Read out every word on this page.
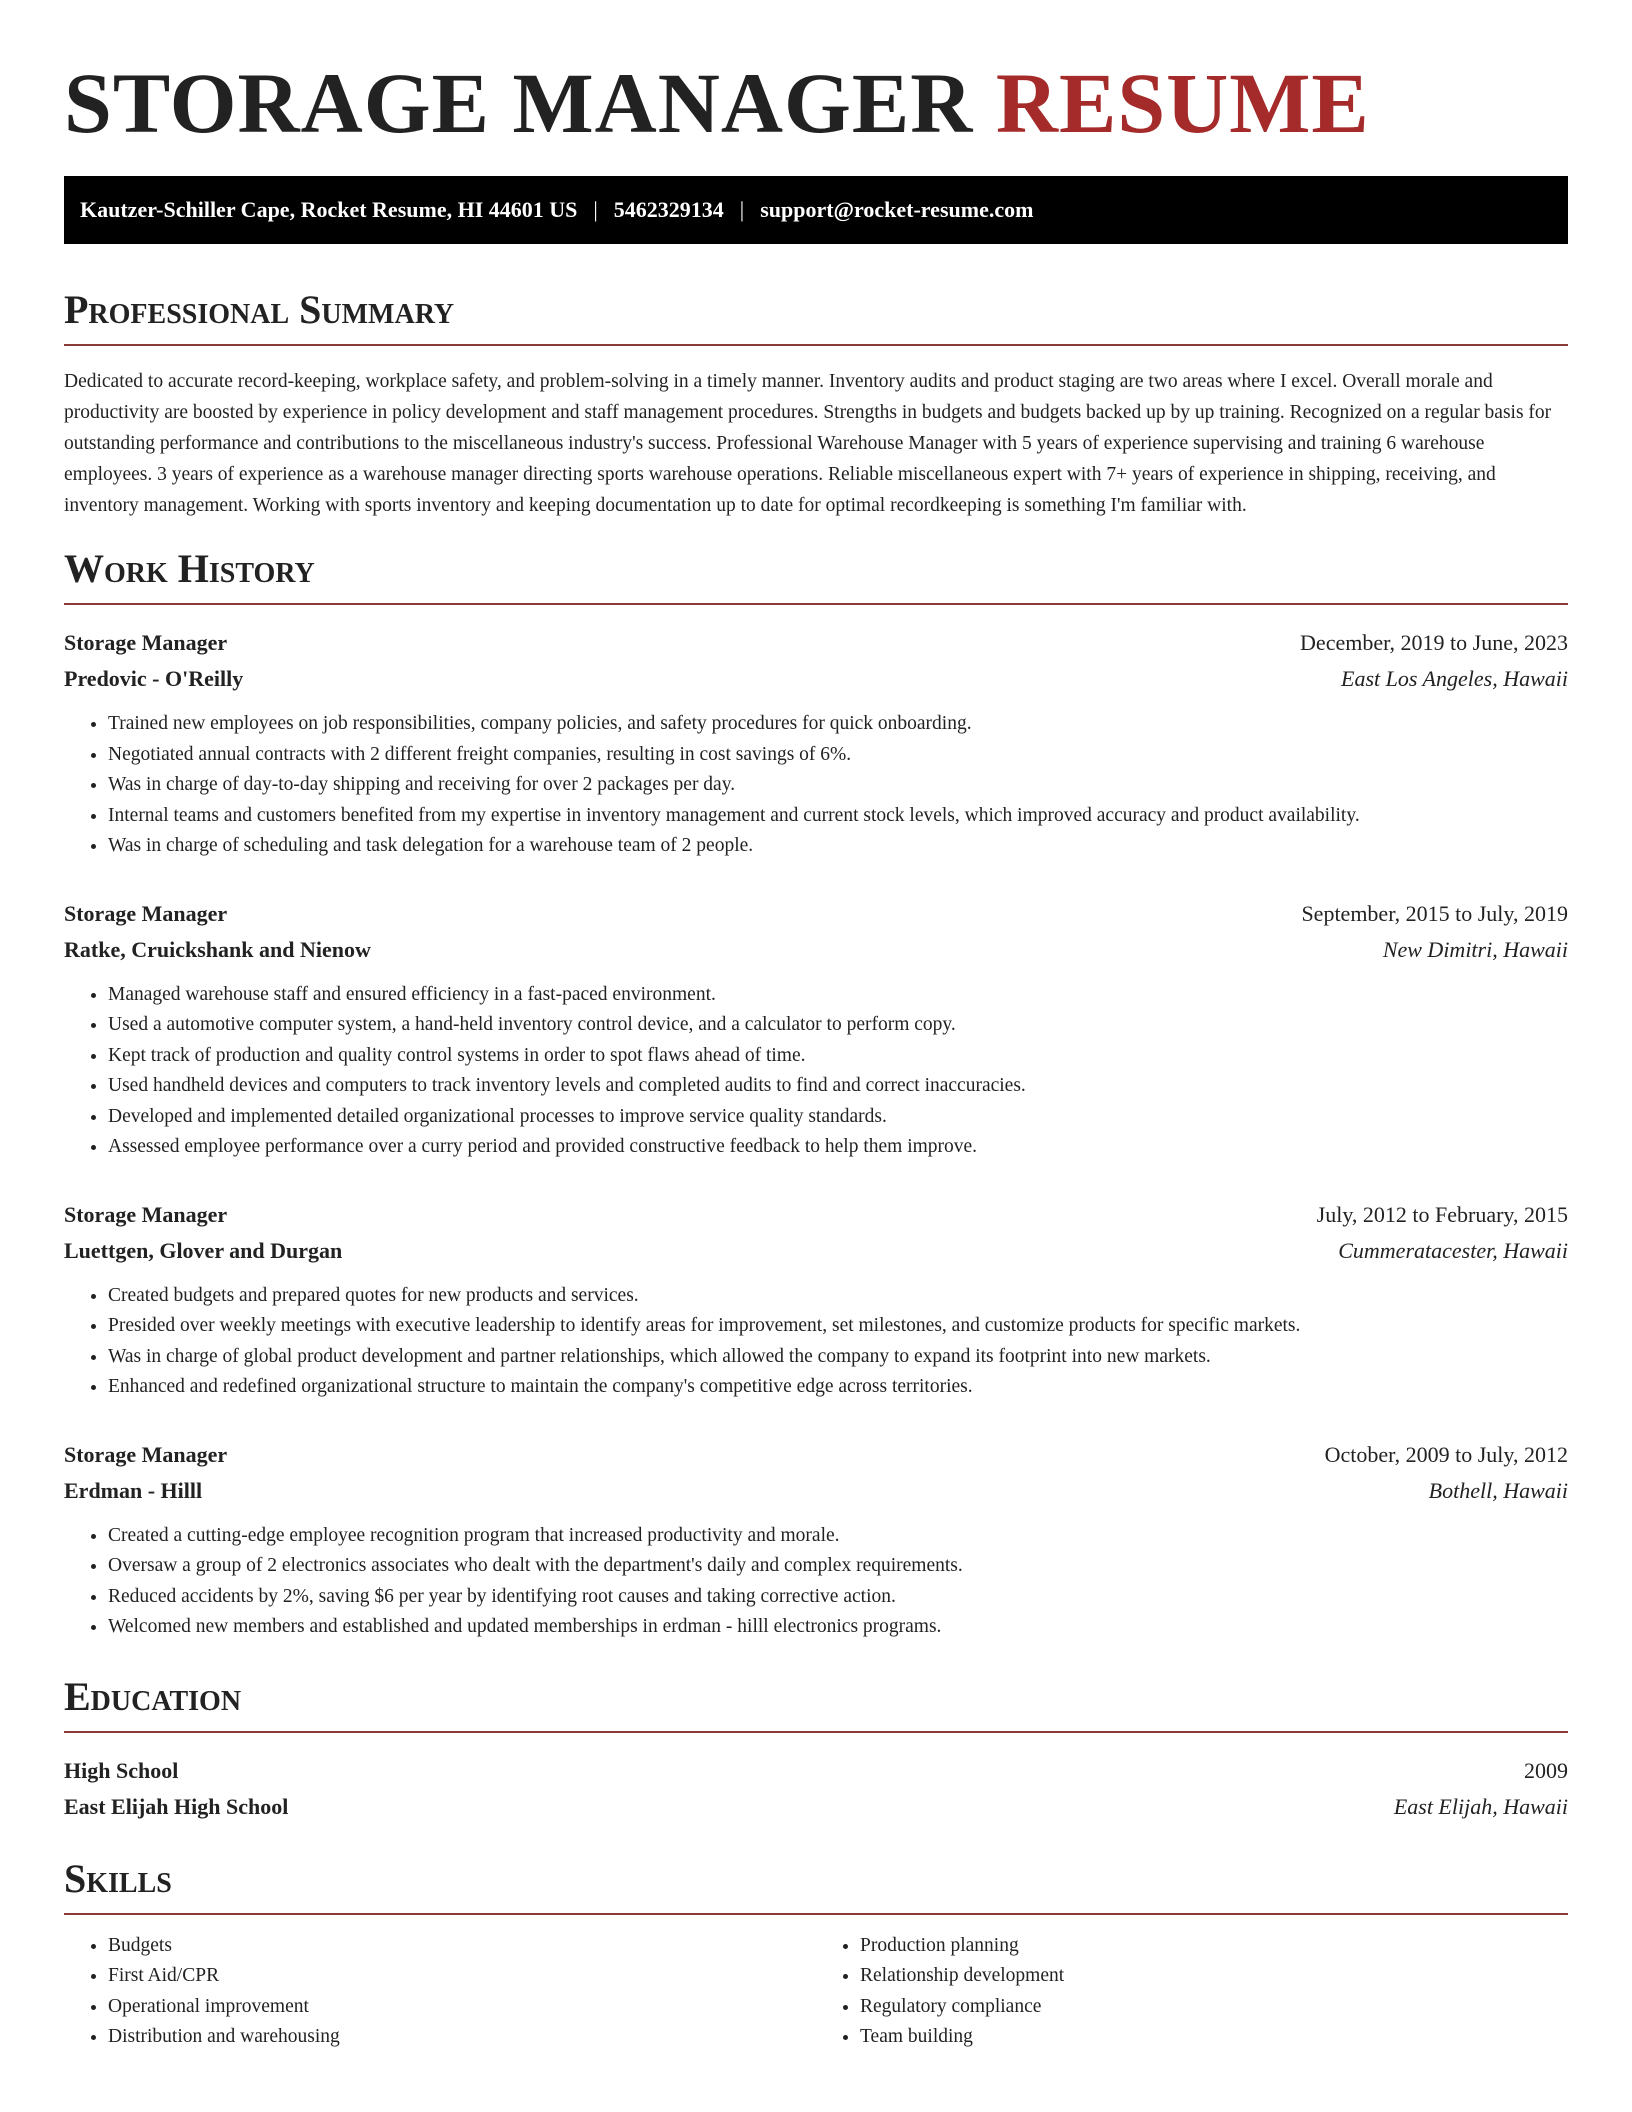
STORAGE MANAGER RESUME
Kautzer-Schiller Cape, Rocket Resume, HI 44601 US | 5462329134 | support@rocket-resume.com
Professional Summary

Dedicated to accurate record-keeping, workplace safety, and problem-solving in a timely manner. Inventory audits and product staging are two areas where I excel. Overall morale and productivity are boosted by experience in policy development and staff management procedures. Strengths in budgets and budgets backed up by up training. Recognized on a regular basis for outstanding performance and contributions to the miscellaneous industry's success. Professional Warehouse Manager with 5 years of experience supervising and training 6 warehouse employees. 3 years of experience as a warehouse manager directing sports warehouse operations. Reliable miscellaneous expert with 7+ years of experience in shipping, receiving, and inventory management. Working with sports inventory and keeping documentation up to date for optimal recordkeeping is something I'm familiar with.

Work History
Storage Manager	December, 2019 to June, 2023
Predovic - O'Reilly	East Los Angeles, Hawaii
• Trained new employees on job responsibilities, company policies, and safety procedures for quick onboarding.
• Negotiated annual contracts with 2 different freight companies, resulting in cost savings of 6%.
• Was in charge of day-to-day shipping and receiving for over 2 packages per day.
• Internal teams and customers benefited from my expertise in inventory management and current stock levels, which improved accuracy and product availability.
• Was in charge of scheduling and task delegation for a warehouse team of 2 people.
Storage Manager	September, 2015 to July, 2019
Ratke, Cruickshank and Nienow	New Dimitri, Hawaii
• Managed warehouse staff and ensured efficiency in a fast-paced environment.
• Used a automotive computer system, a hand-held inventory control device, and a calculator to perform copy.
• Kept track of production and quality control systems in order to spot flaws ahead of time.
• Used handheld devices and computers to track inventory levels and completed audits to find and correct inaccuracies.
• Developed and implemented detailed organizational processes to improve service quality standards.
• Assessed employee performance over a curry period and provided constructive feedback to help them improve.
Storage Manager	July, 2012 to February, 2015
Luettgen, Glover and Durgan	Cummeratacester, Hawaii
• Created budgets and prepared quotes for new products and services.
• Presided over weekly meetings with executive leadership to identify areas for improvement, set milestones, and customize products for specific markets.
• Was in charge of global product development and partner relationships, which allowed the company to expand its footprint into new markets.
• Enhanced and redefined organizational structure to maintain the company's competitive edge across territories.
Storage Manager	October, 2009 to July, 2012
Erdman - Hilll	Bothell, Hawaii
• Created a cutting-edge employee recognition program that increased productivity and morale.
• Oversaw a group of 2 electronics associates who dealt with the department's daily and complex requirements.
• Reduced accidents by 2%, saving $6 per year by identifying root causes and taking corrective action.
• Welcomed new members and established and updated memberships in erdman - hilll electronics programs.
Education
High School	2009
East Elijah High School	East Elijah, Hawaii
Skills
• Budgets
• First Aid/CPR
• Operational improvement
• Distribution and warehousing
• Production planning
• Relationship development
• Regulatory compliance
• Team building
